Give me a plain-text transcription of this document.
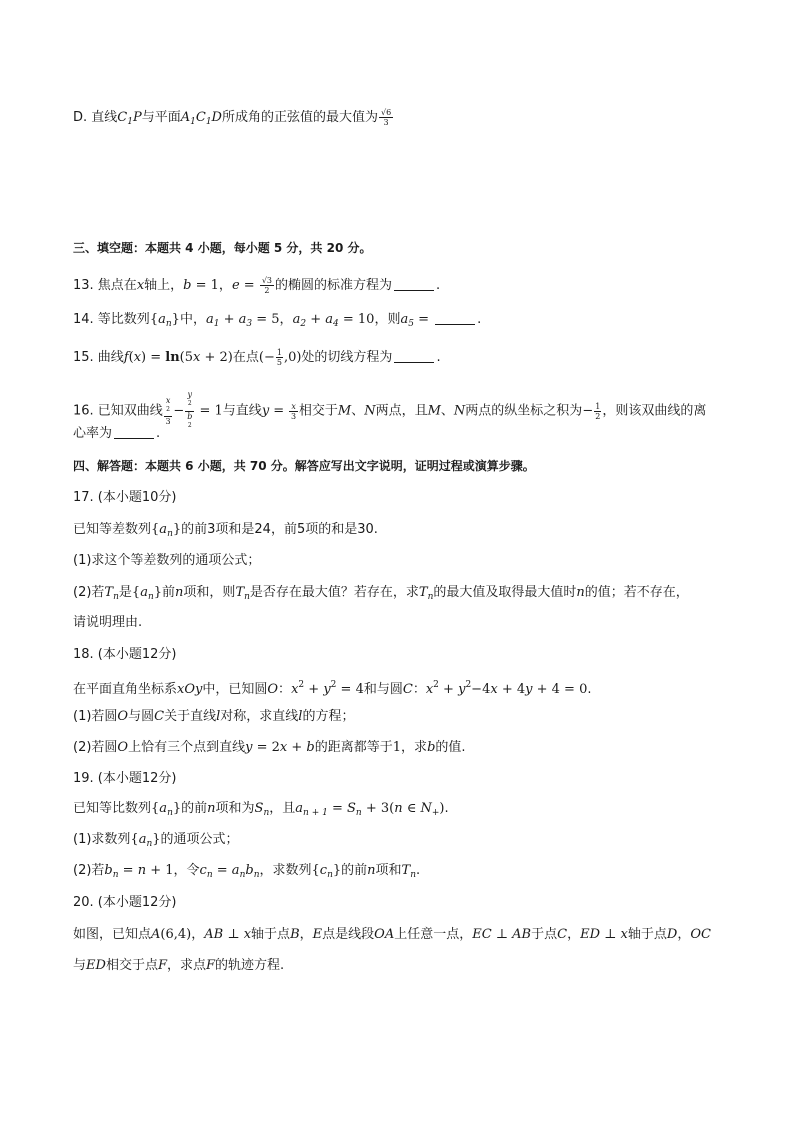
D. 直线$C_1P$与平面$A_1C_1D$所成角的正弦值的最大值为 $\frac{√6}{3}$
三、填空题：本题共 4 小题，每小题 5 分，共 20 分。
13. 焦点在x轴上，b = 1，$e = \frac{√3}{2}$ 的椭圆的标准方程为	.
14. 等比数列$\{a_n\}$中，$a_1 + a_3 = 5$，$a_2 + a_4 = 10$，则$a_5$ =	.
15. 曲线f(x) = ln(5x + 2)在点(− $\frac{1}{5} ,0$)处的切线方程为	.
16. 已知双曲线 x
$^2$
3 − y
$^2$
b
$^2$ = 1与直线$y = \frac{x}{3}$ 相交于M、N两点，且M、N两点的纵坐标之积为− $\frac{1}{2}$ ，则该双曲线的离
心率为	.
四、解答题：本题共 6 小题，共 70 分。解答应写出文字说明，证明过程或演算步骤。
17. (本小题10分)
已知等差数列$\{a_n\}$的前3项和是24，前5项的和是30.
(1)求这个等差数列的通项公式；
(2)若$T_n$是$\{a_n\}$前n项和，则$T_n$是否存在最大值？若存在，求$T_n$的最大值及取得最大值时n的值；若不存在，
请说明理由.
18. (本小题12分)
在平面直角坐标系xOy中，已知圆O：$x^2 + y^2 = 4$和与圆C：$x^2 + y^2-4x + 4y + 4 = 0$.
(1)若圆O与圆C关于直线l对称，求直线l的方程；
(2)若圆O上恰有三个点到直线y = 2x + b的距离都等于1，求b的值.
19. (本小题12分)
已知等比数列$\{a_n\}$的前n项和为$S_n$，且$a_{n + 1} = S_n + 3(n$ ∈ $N_+$).
(1)求数列$\{a_n\}$的通项公式；
(2)若$b_n = n + 1$，令$c_n = a_nb_n$，求数列$\{c_n\}$的前n项和$T_n$.
20. (本小题12分)
如图，已知点A(6,4)，AB ⊥ x轴于点B，E点是线段OA上任意一点，EC ⊥ AB于点C，ED ⊥ x轴于点D，OC
与ED相交于点F，求点F的轨迹方程.
